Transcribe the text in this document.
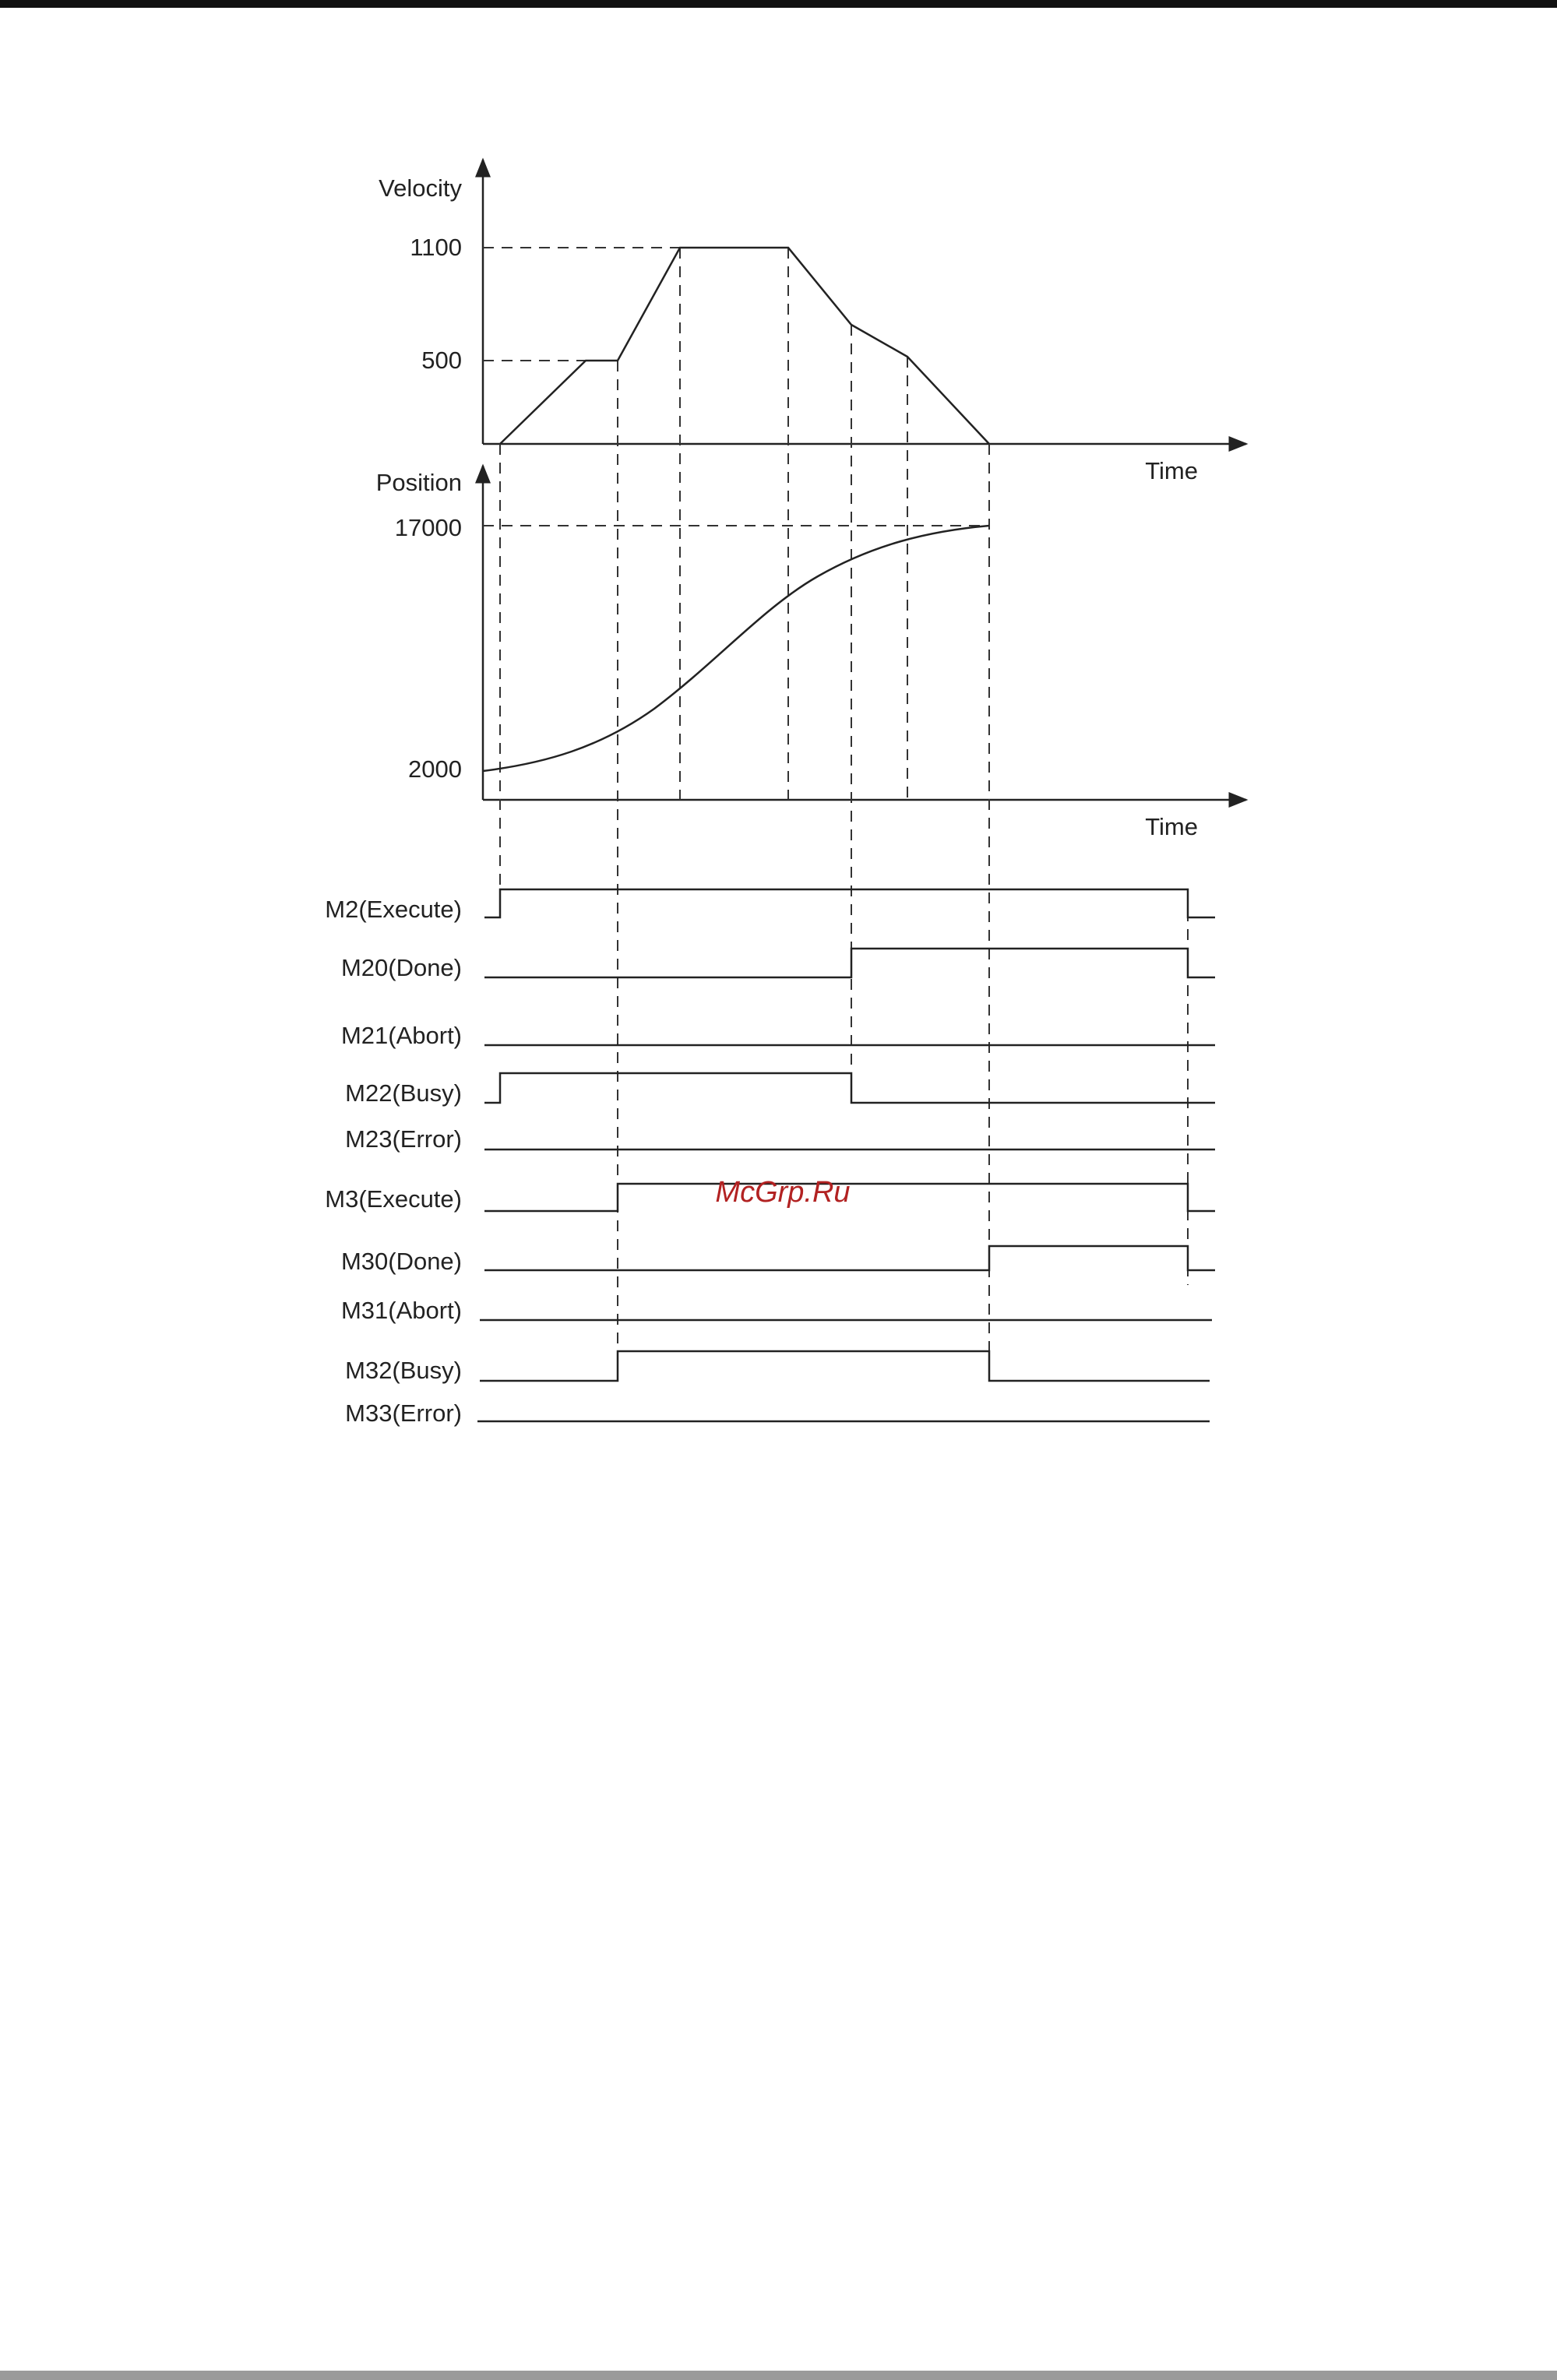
Velocity
Time
1100
500
Position
Time
17000
2000
M2(Execute)
M20(Done)
M21(Abort)
M22(Busy)
M23(Error)
M3(Execute)
M30(Done)
M31(Abort)
M32(Busy)
M33(Error)
McGrp.Ru
